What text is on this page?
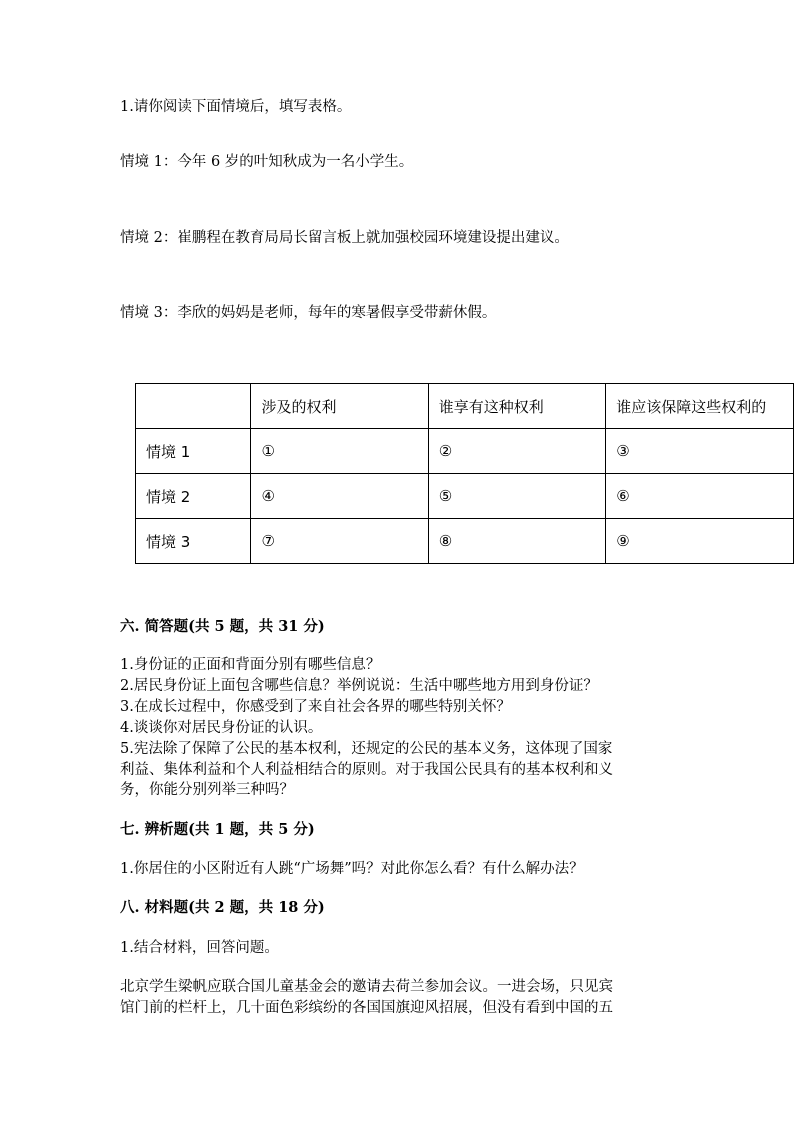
1.请你阅读下面情境后，填写表格。
情境 1：今年 6 岁的叶知秋成为一名小学生。
情境 2：崔鹏程在教育局局长留言板上就加强校园环境建设提出建议。
情境 3：李欣的妈妈是老师，每年的寒暑假享受带薪休假。
	涉及的权利	谁享有这种权利	谁应该保障这些权利的
情境 1	①	②	③
情境 2	④	⑤	⑥
情境 3	⑦	⑧	⑨
六. 简答题(共 5 题，共 31 分)
1.身份证的正面和背面分别有哪些信息？
2.居民身份证上面包含哪些信息？举例说说：生活中哪些地方用到身份证？
3.在成长过程中，你感受到了来自社会各界的哪些特别关怀？
4.谈谈你对居民身份证的认识。
5.宪法除了保障了公民的基本权利，还规定的公民的基本义务，这体现了国家
利益、集体利益和个人利益相结合的原则。对于我国公民具有的基本权利和义
务，你能分别列举三种吗？
七. 辨析题(共 1 题，共 5 分)
1.你居住的小区附近有人跳“广场舞”吗？对此你怎么看？有什么解办法？
八. 材料题(共 2 题，共 18 分)
1.结合材料，回答问题。
北京学生梁帆应联合国儿童基金会的邀请去荷兰参加会议。一进会场，只见宾
馆门前的栏杆上，几十面色彩缤纷的各国国旗迎风招展，但没有看到中国的五
